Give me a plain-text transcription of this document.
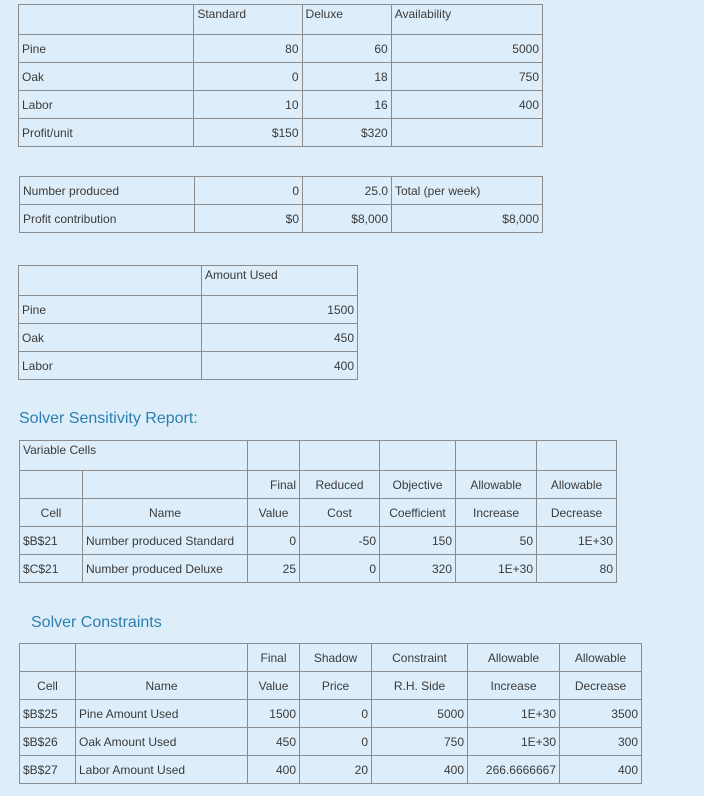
	Standard	Deluxe	Availability
Pine	80	60	5000
Oak	0	18	750
Labor	10	16	400
Profit/unit	$150	$320	
Number produced	0	25.0	Total (per week)
Profit contribution	$0	$8,000	$8,000
	Amount Used
Pine	1500
Oak	450
Labor	400
Solver Sensitivity Report:
Variable Cells						
		Final	Reduced	Objective	Allowable	Allowable
Cell	Name	Value	Cost	Coefficient	Increase	Decrease
$B$21	Number produced Standard	0	-50	150	50	1E+30
$C$21	Number produced Deluxe	25	0	320	1E+30	80
Solver Constraints
		Final	Shadow	Constraint	Allowable	Allowable
Cell	Name	Value	Price	R.H. Side	Increase	Decrease
$B$25	Pine Amount Used	1500	0	5000	1E+30	3500
$B$26	Oak Amount Used	450	0	750	1E+30	300
$B$27	Labor Amount Used	400	20	400	266.6666667	400
